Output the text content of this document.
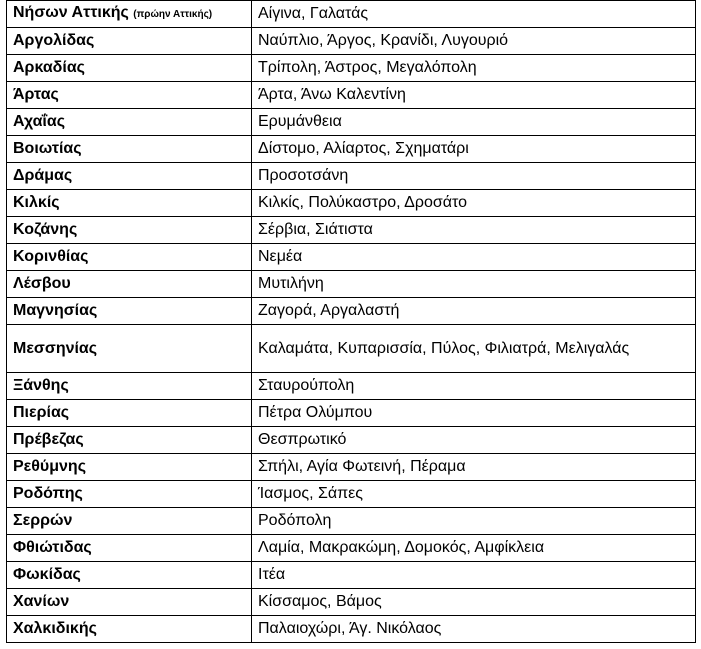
Νήσων Αττικής (πρώην Αττικής)	Αίγινα, Γαλατάς
Αργολίδας	Ναύπλιο, Άργος, Κρανίδι, Λυγουριό
Αρκαδίας	Τρίπολη, Άστρος, Μεγαλόπολη
Άρτας	Άρτα, Άνω Καλεντίνη
Αχαΐας	Ερυμάνθεια
Βοιωτίας	Δίστομο, Αλίαρτος, Σχηματάρι
Δράμας	Προσοτσάνη
Κιλκίς	Κιλκίς, Πολύκαστρο, Δροσάτο
Κοζάνης	Σέρβια, Σιάτιστα
Κορινθίας	Νεμέα
Λέσβου	Μυτιλήνη
Μαγνησίας	Ζαγορά, Αργαλαστή
Μεσσηνίας	Καλαμάτα, Κυπαρισσία, Πύλος, Φιλιατρά, Μελιγαλάς
Ξάνθης	Σταυρούπολη
Πιερίας	Πέτρα Ολύμπου
Πρέβεζας	Θεσπρωτικό
Ρεθύμνης	Σπήλι, Αγία Φωτεινή, Πέραμα
Ροδόπης	Ίασμος, Σάπες
Σερρών	Ροδόπολη
Φθιώτιδας	Λαμία, Μακρακώμη, Δομοκός, Αμφίκλεια
Φωκίδας	Ιτέα
Χανίων	Κίσσαμος, Βάμος
Χαλκιδικής	Παλαιοχώρι, Άγ. Νικόλαος
